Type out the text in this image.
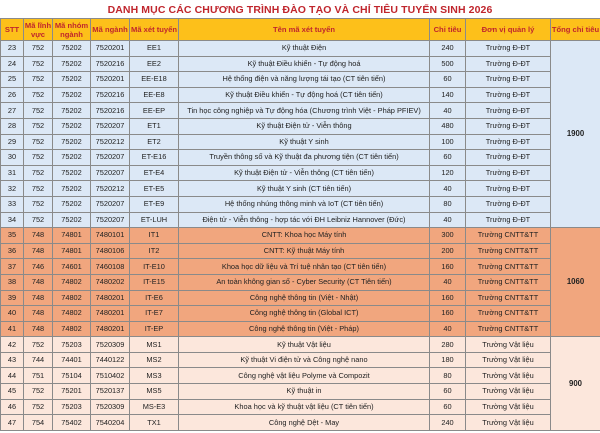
DANH MỤC CÁC CHƯƠNG TRÌNH ĐÀO TẠO VÀ CHỈ TIÊU TUYỂN SINH 2026
STT	Mã lĩnh vực	Mã nhóm ngành	Mã ngành	Mã xét tuyển	Tên mã xét tuyển	Chỉ tiêu	Đơn vị quản lý	Tổng chỉ tiêu
23	752	75202	7520201	EE1	Kỹ thuật Điện	240	Trường Đ-ĐT	1900
24	752	75202	7520216	EE2	Kỹ thuật Điều khiển - Tự động hoá	500	Trường Đ-ĐT	
25	752	75202	7520201	EE-E18	Hệ thống điện và năng lượng tái tạo (CT tiên tiến)	60	Trường Đ-ĐT	
26	752	75202	7520216	EE-E8	Kỹ thuật Điều khiển - Tự động hoá (CT tiên tiến)	140	Trường Đ-ĐT	
27	752	75202	7520216	EE-EP	Tin học công nghiệp và Tự động hóa (Chương trình Việt - Pháp PFIEV)	40	Trường Đ-ĐT	
28	752	75202	7520207	ET1	Kỹ thuật Điện tử - Viễn thông	480	Trường Đ-ĐT	
29	752	75202	7520212	ET2	Kỹ thuật Y sinh	100	Trường Đ-ĐT	
30	752	75202	7520207	ET-E16	Truyền thông số và Kỹ thuật đa phương tiện (CT tiên tiến)	60	Trường Đ-ĐT	
31	752	75202	7520207	ET-E4	Kỹ thuật Điện tử - Viễn thông (CT tiên tiến)	120	Trường Đ-ĐT	
32	752	75202	7520212	ET-E5	Kỹ thuật Y sinh (CT tiên tiến)	40	Trường Đ-ĐT	
33	752	75202	7520207	ET-E9	Hệ thống nhúng thông minh và IoT (CT tiên tiến)	80	Trường Đ-ĐT	
34	752	75202	7520207	ET-LUH	Điện tử - Viễn thông - hợp tác với ĐH Leibniz Hannover (Đức)	40	Trường Đ-ĐT	
35	748	74801	7480101	IT1	CNTT: Khoa học Máy tính	300	Trường CNTT&TT	1060
36	748	74801	7480106	IT2	CNTT: Kỹ thuật Máy tính	200	Trường CNTT&TT	
37	746	74601	7460108	IT-E10	Khoa học dữ liệu và Trí tuệ nhân tạo (CT tiên tiến)	160	Trường CNTT&TT	
38	748	74802	7480202	IT-E15	An toàn không gian số - Cyber Security (CT Tiên tiến)	40	Trường CNTT&TT	
39	748	74802	7480201	IT-E6	Công nghệ thông tin (Việt - Nhật)	160	Trường CNTT&TT	
40	748	74802	7480201	IT-E7	Công nghệ thông tin (Global ICT)	160	Trường CNTT&TT	
41	748	74802	7480201	IT-EP	Công nghệ thông tin (Việt - Pháp)	40	Trường CNTT&TT	
42	752	75203	7520309	MS1	Kỹ thuật Vật liệu	280	Trường Vật liệu	900
43	744	74401	7440122	MS2	Kỹ thuật Vi điện tử và Công nghệ nano	180	Trường Vật liệu	
44	751	75104	7510402	MS3	Công nghệ vật liệu Polyme và Compozit	80	Trường Vật liệu	
45	752	75201	7520137	MS5	Kỹ thuật in	60	Trường Vật liệu	
46	752	75203	7520309	MS-E3	Khoa học và kỹ thuật vật liệu (CT tiên tiến)	60	Trường Vật liệu	
47	754	75402	7540204	TX1	Công nghệ Dệt - May	240	Trường Vật liệu	
